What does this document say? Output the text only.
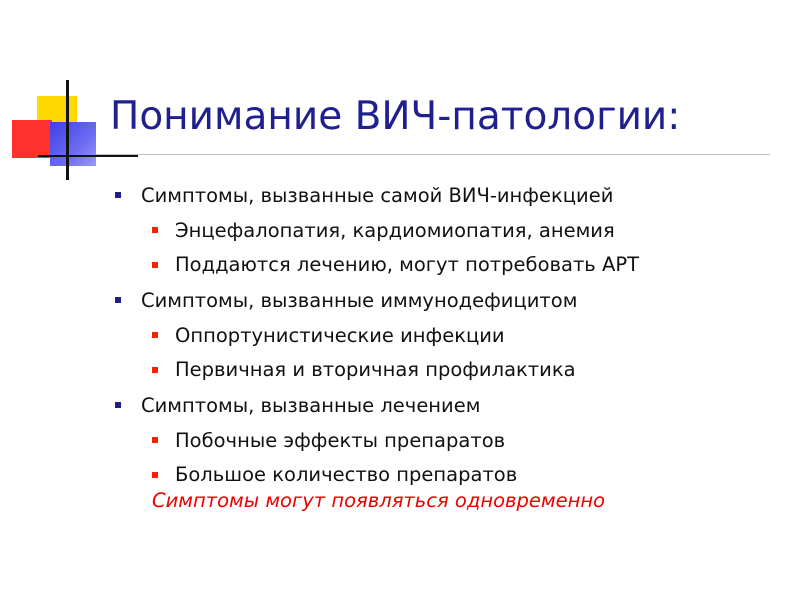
Понимание ВИЧ-патологии:
Симптомы, вызванные самой ВИЧ-инфекцией
Энцефалопатия, кардиомиопатия, анемия
Поддаются лечению, могут потребовать АРТ
Симптомы, вызванные иммунодефицитом
Оппортунистические инфекции
Первичная и вторичная профилактика
Симптомы, вызванные лечением
Побочные эффекты препаратов
Большое количество препаратов
Симптомы могут появляться одновременно
